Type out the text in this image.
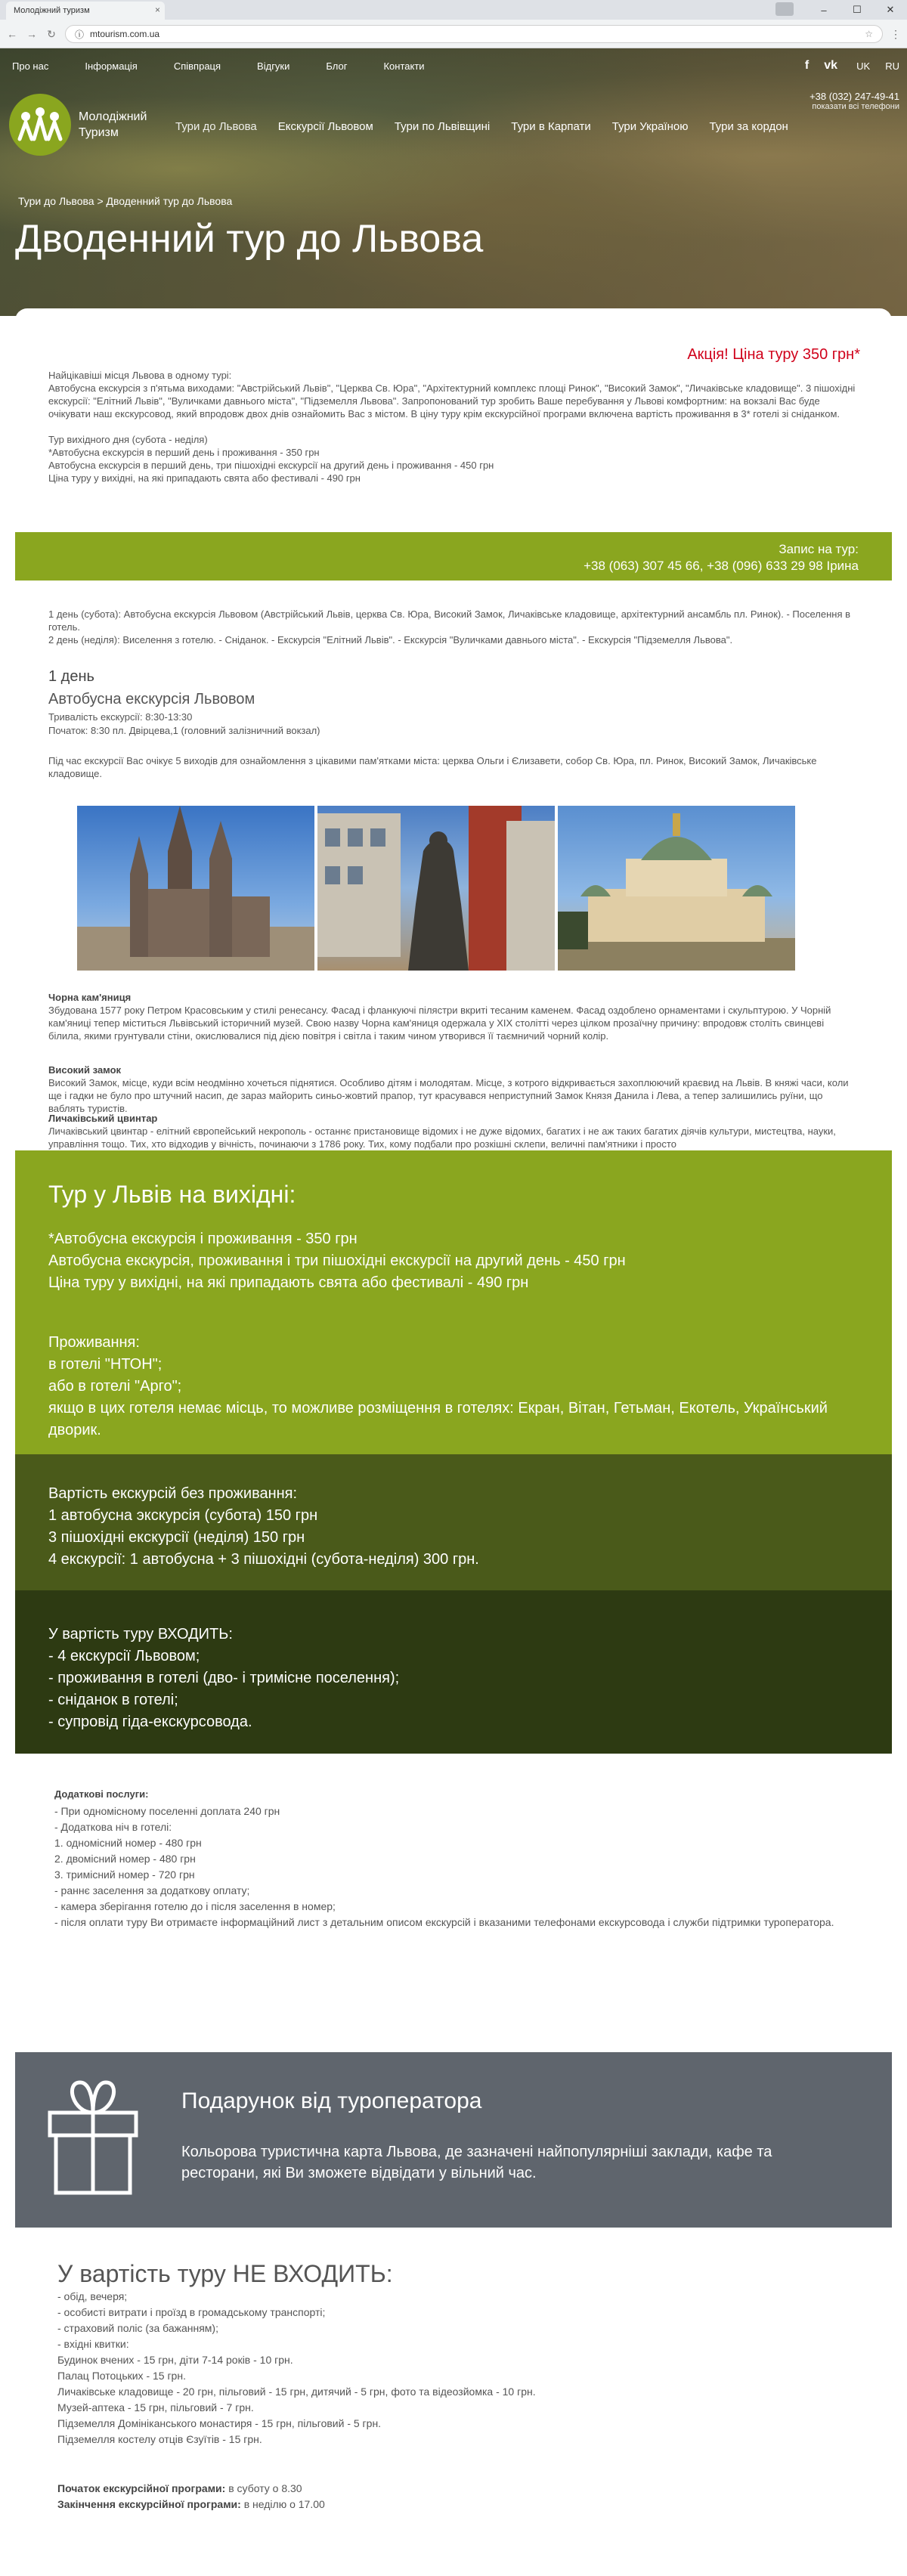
Молодіжний туризм	×	–	☐	✕
← → ↻ ⓘ mtourism.com.ua	☆ ⋮
Про нас	Інформація	Співпраця	Відгуки	Блог	Контакти	f vk UK RU
Молодіжний
Туризм	Тури до Львова Екскурсії Львовом Тури по Львівщині Тури в Карпати Тури Україною Тури за кордон
+38 (032) 247-49-41
показати всі телефони
Тури до Львова > Дводенний тур до Львова
Дводенний тур до Львова
Акція! Ціна туру 350 грн*
Найцікавіші місця Львова в одному турі:
Автобусна екскурсія з п'ятьма виходами: "Австрійський Львів", "Церква Св. Юра", "Архітектурний комплекс площі Ринок", "Високий Замок", "Личаківське кладовище". 3 пішохідні екскурсії: "Елітний Львів", "Вуличками давнього міста", "Підземелля Львова". Запропонований тур зробить Ваше перебування у Львові комфортним: на вокзалі Вас буде очікувати наш екскурсовод, який впродовж двох днів ознайомить Вас з містом. В ціну туру крім екскурсійної програми включена вартість проживання в 3* готелі зі сніданком.
Тур вихідного дня (субота - неділя)
*Автобусна екскурсія в перший день і проживання - 350 грн
Автобусна екскурсія в перший день, три пішохідні екскурсії на другий день і проживання - 450 грн
Ціна туру у вихідні, на які припадають свята або фестивалі - 490 грн
Запис на тур:
+38 (063) 307 45 66, +38 (096) 633 29 98 Ірина
1 день (субота): Автобусна екскурсія Львовом (Австрійський Львів, церква Св. Юра, Високий Замок, Личаківське кладовище, архітектурний ансамбль пл. Ринок). - Поселення в готель.
2 день (неділя): Виселення з готелю. - Сніданок. - Екскурсія "Елітний Львів". - Екскурсія "Вуличками давнього міста". - Екскурсія "Підземелля Львова".
1 день
Автобусна екскурсія Львовом
Тривалість екскурсії: 8:30-13:30
Початок: 8:30 пл. Двірцева,1 (головний залізничний вокзал)
Під час екскурсії Вас очікує 5 виходів для ознайомлення з цікавими пам'ятками міста: церква Ольги і Єлизавети, собор Св. Юра, пл. Ринок, Високий Замок, Личаківське кладовище.
Чорна кам'яниця
Збудована 1577 року Петром Красовським у стилі ренесансу. Фасад і фланкуючі пілястри вкриті тесаним каменем. Фасад оздоблено орнаментами і скульптурою. У Чорній кам'яниці тепер міститься Львівський історичний музей. Свою назву Чорна кам'яниця одержала у XIX столітті через цілком прозаїчну причину: впродовж століть свинцеві білила, якими грунтували стіни, окислювалися під дією повітря і світла і таким чином утворився її таємничий чорний колір.
Високий замок
Високий Замок, місце, куди всім неодмінно хочеться піднятися. Особливо дітям і молодятам. Місце, з котрого відкривається захоплюючий краєвид на Львів. В княжі часи, коли ще і гадки не було про штучний насип, де зараз майорить синьо-жовтий прапор, тут красувався неприступний Замок Князя Данила і Лева, а тепер залишились руїни, що ваблять туристів.
Личаківський цвинтар
Личаківський цвинтар - елітний європейський некрополь - останнє пристановище відомих і не дуже відомих, багатих і не аж таких багатих діячів культури, мистецтва, науки, управління тощо. Тих, хто відходив у вічність, починаючи з 1786 року. Тих, кому подбали про розкішні склепи, величні пам'ятники і просто
Тур у Львів на вихідні:
*Автобусна екскурсія і проживання - 350 грн
Автобусна екскурсія, проживання і три пішохідні екскурсії на другий день - 450 грн
Ціна туру у вихідні, на які припадають свята або фестивалі - 490 грн
Проживання:
в готелі "НТОН";
або в готелі "Арго";
якщо в цих готеля немає місць, то можливе розміщення в готелях: Екран, Вітан, Гетьман, Екотель, Український дворик.
Вартість екскурсій без проживання:
1 автобусна экскурсія (субота) 150 грн
3 пішохідні екскурсії (неділя) 150 грн
4 екскурсії: 1 автобусна + 3 пішохідні (субота-неділя) 300 грн.
У вартість туру ВХОДИТЬ:
- 4 екскурсії Львовом;
- проживання в готелі (дво- і тримісне поселення);
- сніданок в готелі;
- супровід гіда-екскурсовода.
Додаткові послуги:
- При одномісному поселенні доплата 240 грн
- Додаткова ніч в готелі:
1. одномісний номер - 480 грн
2. двомісний номер - 480 грн
3. тримісний номер - 720 грн
- раннє заселення за додаткову оплату;
- камера зберігання готелю до і після заселення в номер;
- після оплати туру Ви отримаєте інформаційний лист з детальним описом екскурсій і вказаними телефонами екскурсовода і служби підтримки туроператора.
Подарунок від туроператора
Кольорова туристична карта Львова, де зазначені найпопулярніші заклади, кафе та ресторани, які Ви зможете відвідати у вільний час.
У вартість туру НЕ ВХОДИТЬ:
- обід, вечеря;
- особисті витрати і проїзд в громадському транспорті;
- страховий поліс (за бажанням);
- вхідні квитки:
Будинок вчених - 15 грн, діти 7-14 років - 10 грн.
Палац Потоцьких - 15 грн.
Личаківське кладовище - 20 грн, пільговий - 15 грн, дитячий - 5 грн, фото та відеозйомка - 10 грн.
Музей-аптека - 15 грн, пільговий - 7 грн.
Підземелля Домініканського монастиря - 15 грн, пільговий - 5 грн.
Підземелля костелу отців Єзуїтів - 15 грн.
Початок екскурсійної програми: в суботу о 8.30
Закінчення екскурсійної програми: в неділю о 17.00
